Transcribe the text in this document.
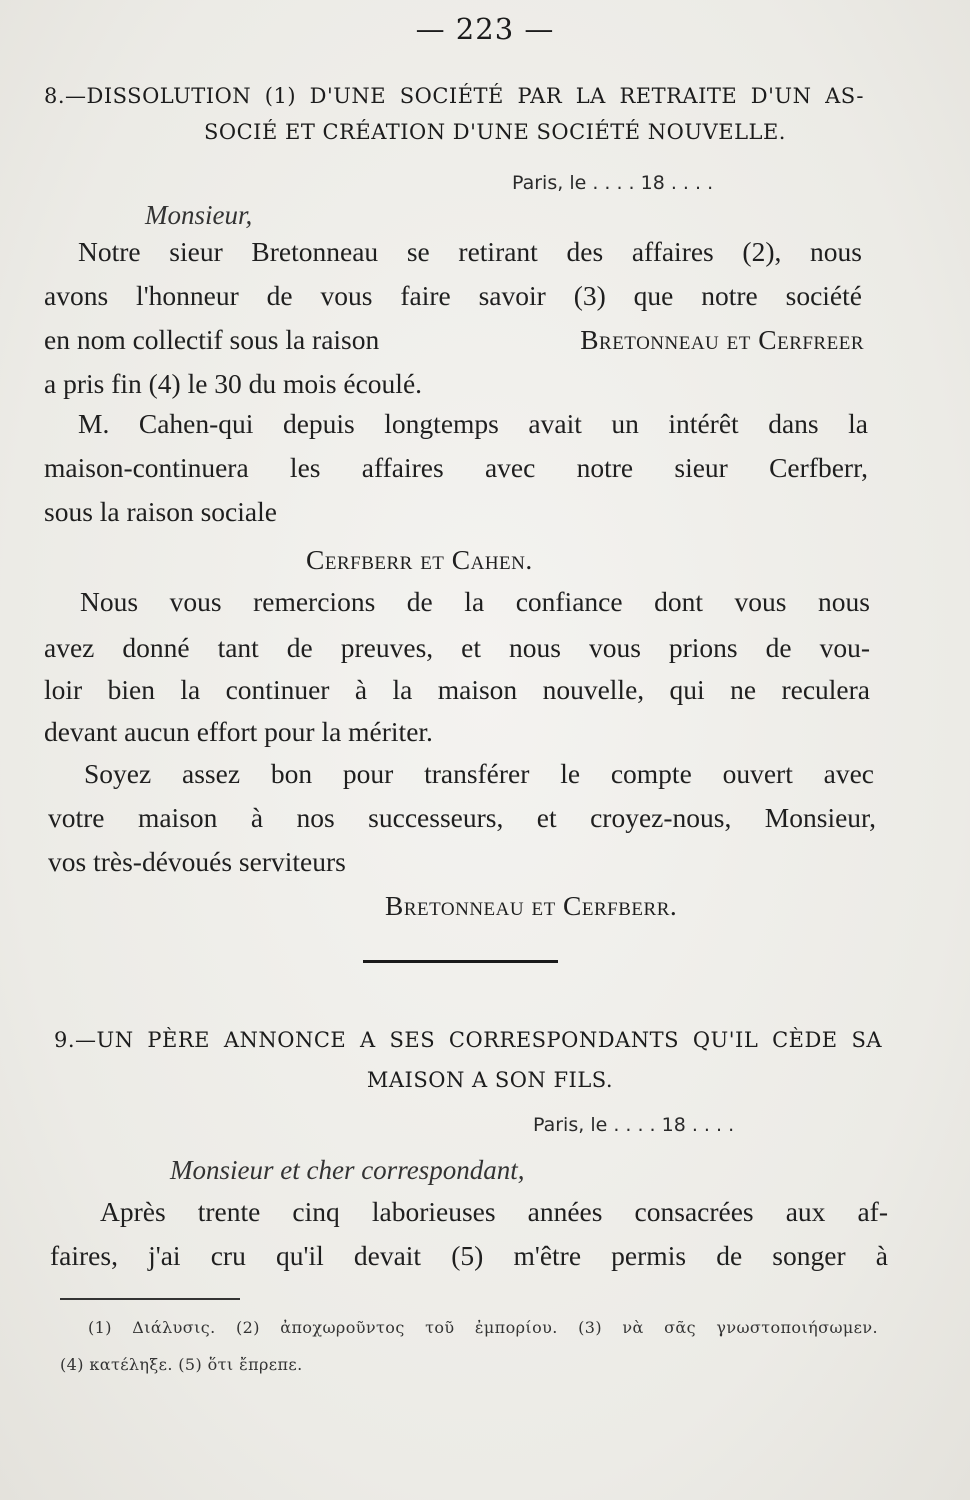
— 223 —
8.—DISSOLUTION (1) D'UNE SOCIÉTÉ PAR LA RETRAITE D'UN AS-
SOCIÉ ET CRÉATION D'UNE SOCIÉTÉ NOUVELLE.
Paris, le . . . . 18 . . . .
Monsieur,
Notre sieur Bretonneau se retirant des affaires (2), nous
avons l'honneur de vous faire savoir (3) que notre société
en nom collectif sous la raison	Bretonneau et Cerfreer
a pris fin (4) le 30 du mois écoulé.
M. Cahen-qui depuis longtemps avait un intérêt dans la
maison-continuera les affaires avec notre sieur Cerfberr,
sous la raison sociale
Cerfberr et Cahen.
Nous vous remercions de la confiance dont vous nous
avez donné tant de preuves, et nous vous prions de vou-
loir bien la continuer à la maison nouvelle, qui ne reculera
devant aucun effort pour la mériter.
Soyez assez bon pour transférer le compte ouvert avec
votre maison à nos successeurs, et croyez-nous, Monsieur,
vos très-dévoués serviteurs
Bretonneau et Cerfberr.
9.—UN PÈRE ANNONCE A SES CORRESPONDANTS QU'IL CÈDE SA
MAISON A SON FILS.
Paris, le . . . . 18 . . . .
Monsieur et cher correspondant,
Après trente cinq laborieuses années consacrées aux af-
faires, j'ai cru qu'il devait (5) m'être permis de songer à
(1) Διάλυσις. (2) ἀποχωροῦντος τοῦ ἐμπορίου. (3) νὰ σᾶς γνωστοποιήσωμεν.
(4) κατέληξε. (5) ὅτι ἔπρεπε.
